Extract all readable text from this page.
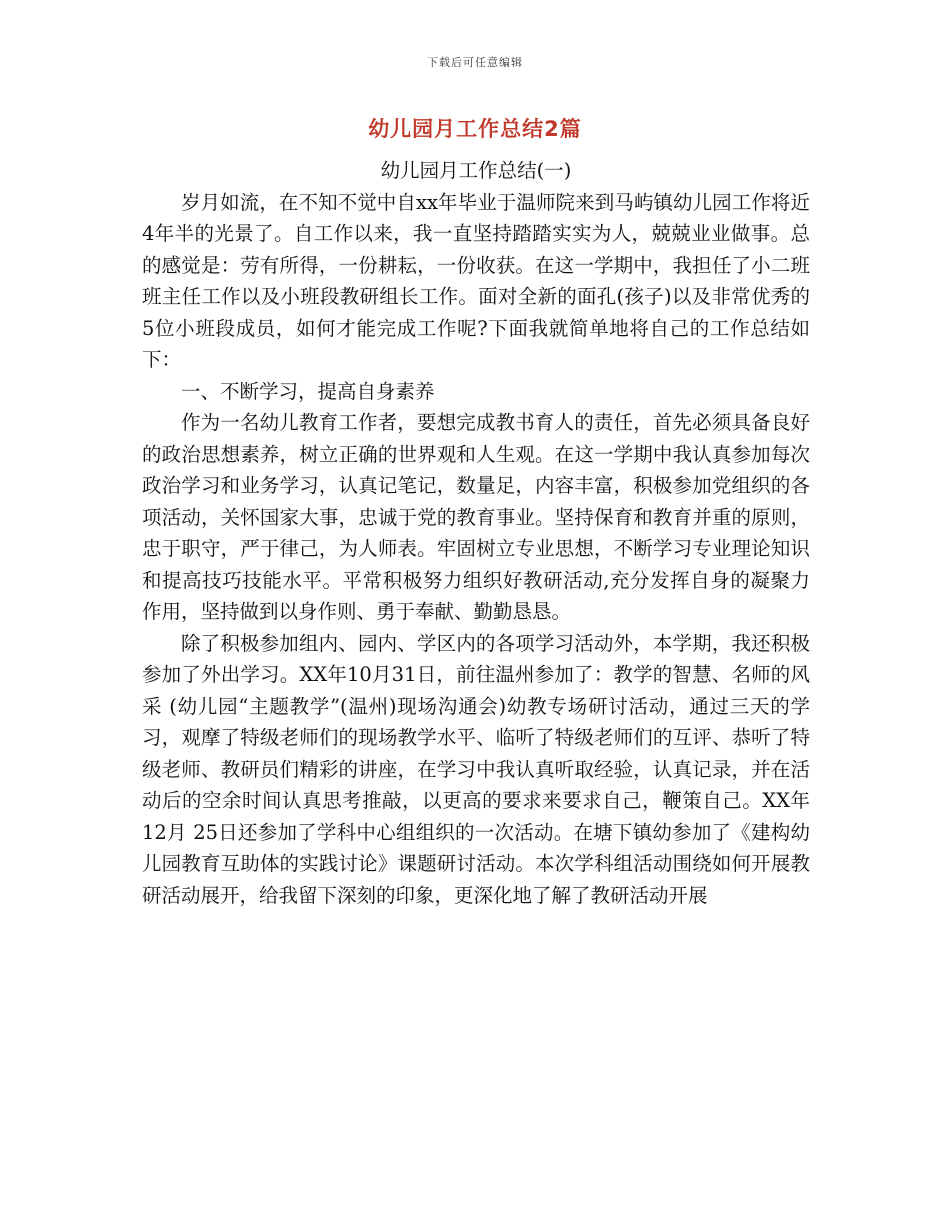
下载后可任意编辑
幼儿园月工作总结2篇

幼儿园月工作总结(一)

岁月如流，在不知不觉中自xx年毕业于温师院来到马屿镇幼儿园工作将近4年半的光景了。自工作以来，我一直坚持踏踏实实为人，兢兢业业做事。总的感觉是：劳有所得，一份耕耘，一份收获。在这一学期中，我担任了小二班班主任工作以及小班段教研组长工作。面对全新的面孔(孩子)以及非常优秀的5位小班段成员，如何才能完成工作呢?下面我就简单地将自己的工作总结如下：

一、不断学习，提高自身素养

作为一名幼儿教育工作者，要想完成教书育人的责任，首先必须具备良好的政治思想素养，树立正确的世界观和人生观。在这一学期中我认真参加每次政治学习和业务学习，认真记笔记，数量足，内容丰富，积极参加党组织的各项活动，关怀国家大事，忠诚于党的教育事业。坚持保育和教育并重的原则，忠于职守，严于律己，为人师表。牢固树立专业思想，不断学习专业理论知识和提高技巧技能水平。平常积极努力组织好教研活动,充分发挥自身的凝聚力作用，坚持做到以身作则、勇于奉献、勤勤恳恳。

除了积极参加组内、园内、学区内的各项学习活动外，本学期，我还积极参加了外出学习。XX年10月31日，前往温州参加了：教学的智慧、名师的风采 (幼儿园“主题教学”(温州)现场沟通会)幼教专场研讨活动，通过三天的学习，观摩了特级老师们的现场教学水平、临听了特级老师们的互评、恭听了特级老师、教研员们精彩的讲座，在学习中我认真听取经验，认真记录，并在活动后的空余时间认真思考推敲，以更高的要求来要求自己，鞭策自己。XX年12月 25日还参加了学科中心组组织的一次活动。在塘下镇幼参加了《建构幼儿园教育互助体的实践讨论》课题研讨活动。本次学科组活动围绕如何开展教研活动展开，给我留下深刻的印象，更深化地了解了教研活动开展
